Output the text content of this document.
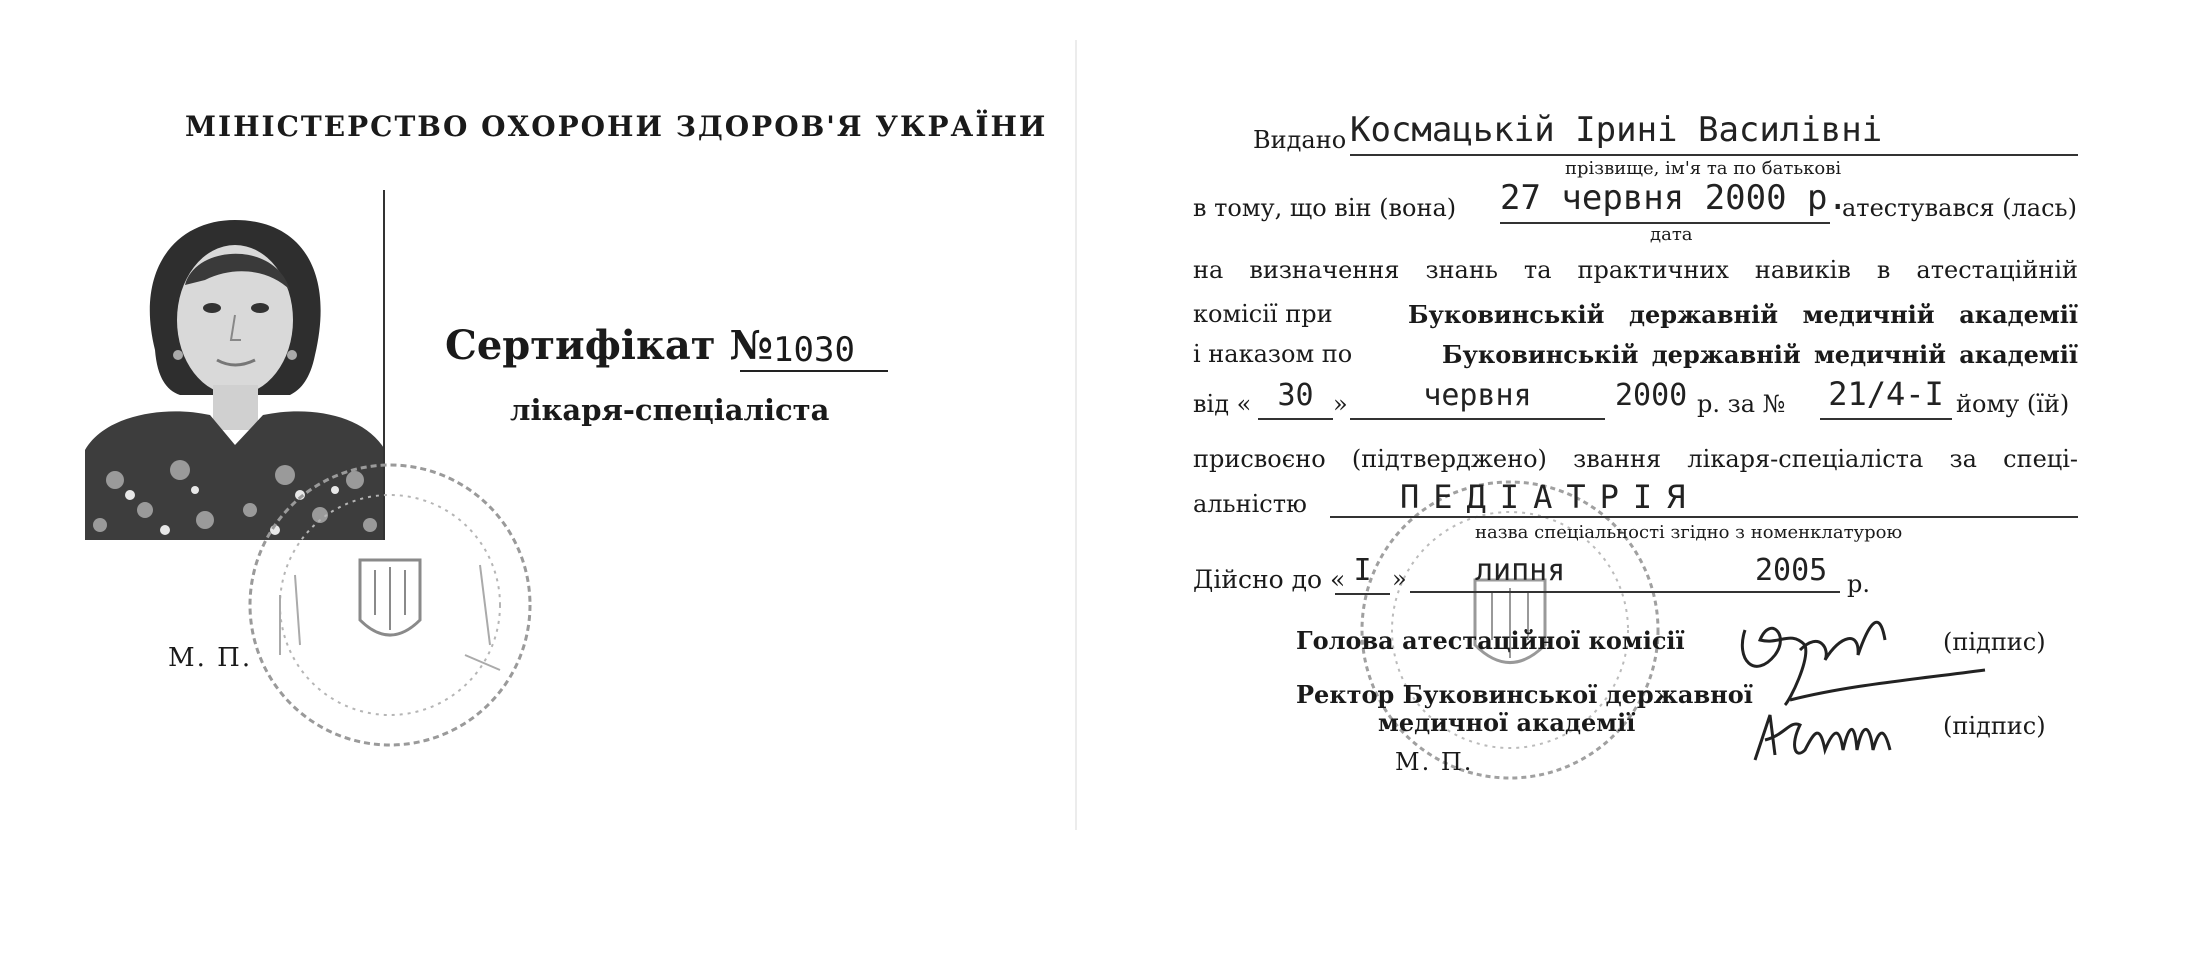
МІНІСТЕРСТВО ОХОРОНИ ЗДОРОВ'Я УКРАЇНИ
Сертифікат № 1030
лікаря-спеціаліста
М. П.
Видано Космацькій Ірині Василівні
прізвище, ім'я та по батькові
в тому, що він (вона) 27 червня 2000 р.
атестувався (лась)
дата
на визначення знань та практичних навиків в атестаційній
комісії при	Буковинській державній медичній академії
і наказом по	Буковинській державній медичній академії
від « 30 »	червня	2000 р. за № 21/4-І йому (їй)
присвоєно (підтверджено) звання лікаря-спеціаліста за спеці-
альністю	ПЕДІАТРІЯ
назва спеціальності згідно з номенклатурою
Дійсно до « І »	липня	2005 р.
Голова атестаційної комісії	(підпис)
Ректор Буковинської державної
медичної академії	(підпис)
М. П.
